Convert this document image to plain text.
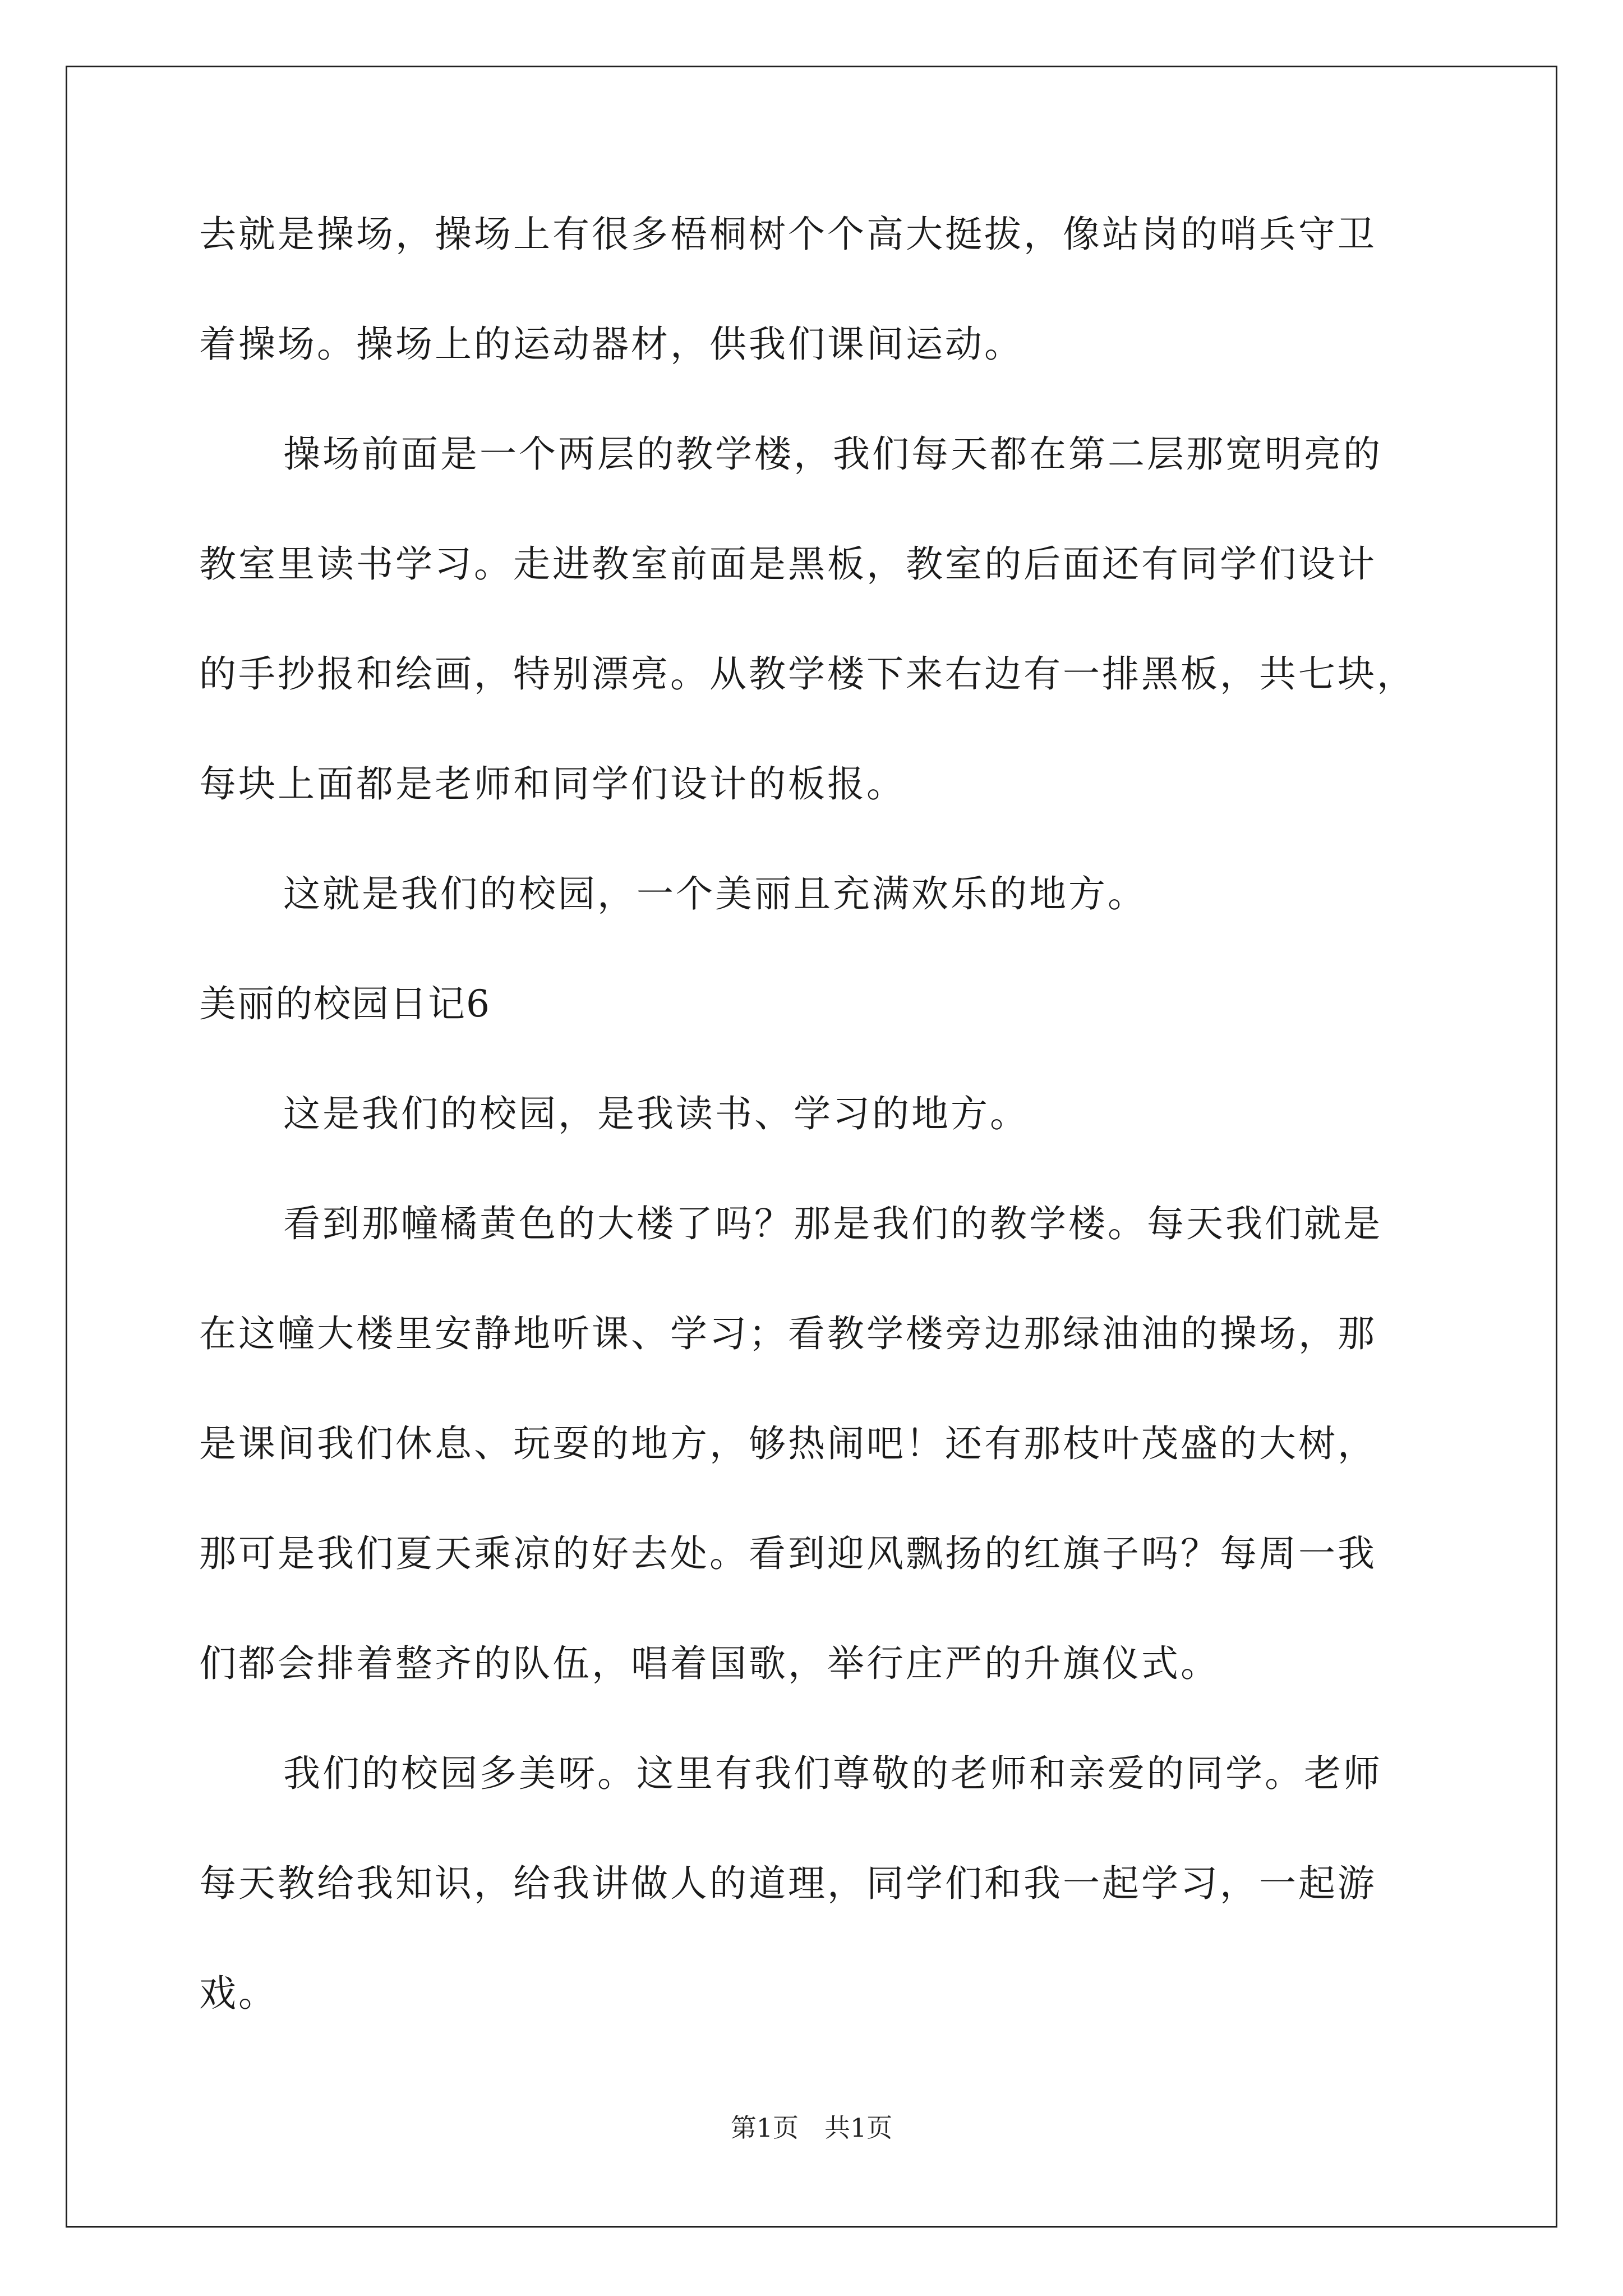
去就是操场，操场上有很多梧桐树个个高大挺拔，像站岗的哨兵守卫
着操场。操场上的运动器材，供我们课间运动。
操场前面是一个两层的教学楼，我们每天都在第二层那宽明亮的
教室里读书学习。走进教室前面是黑板，教室的后面还有同学们设计
的手抄报和绘画，特别漂亮。从教学楼下来右边有一排黑板，共七块，
每块上面都是老师和同学们设计的板报。
这就是我们的校园，一个美丽且充满欢乐的地方。
美丽的校园日记6
这是我们的校园，是我读书、学习的地方。
看到那幢橘黄色的大楼了吗？那是我们的教学楼。每天我们就是
在这幢大楼里安静地听课、学习；看教学楼旁边那绿油油的操场，那
是课间我们休息、玩耍的地方，够热闹吧！还有那枝叶茂盛的大树，
那可是我们夏天乘凉的好去处。看到迎风飘扬的红旗子吗？每周一我
们都会排着整齐的队伍，唱着国歌，举行庄严的升旗仪式。
我们的校园多美呀。这里有我们尊敬的老师和亲爱的同学。老师
每天教给我知识，给我讲做人的道理，同学们和我一起学习，一起游
戏。
第1页　共1页
